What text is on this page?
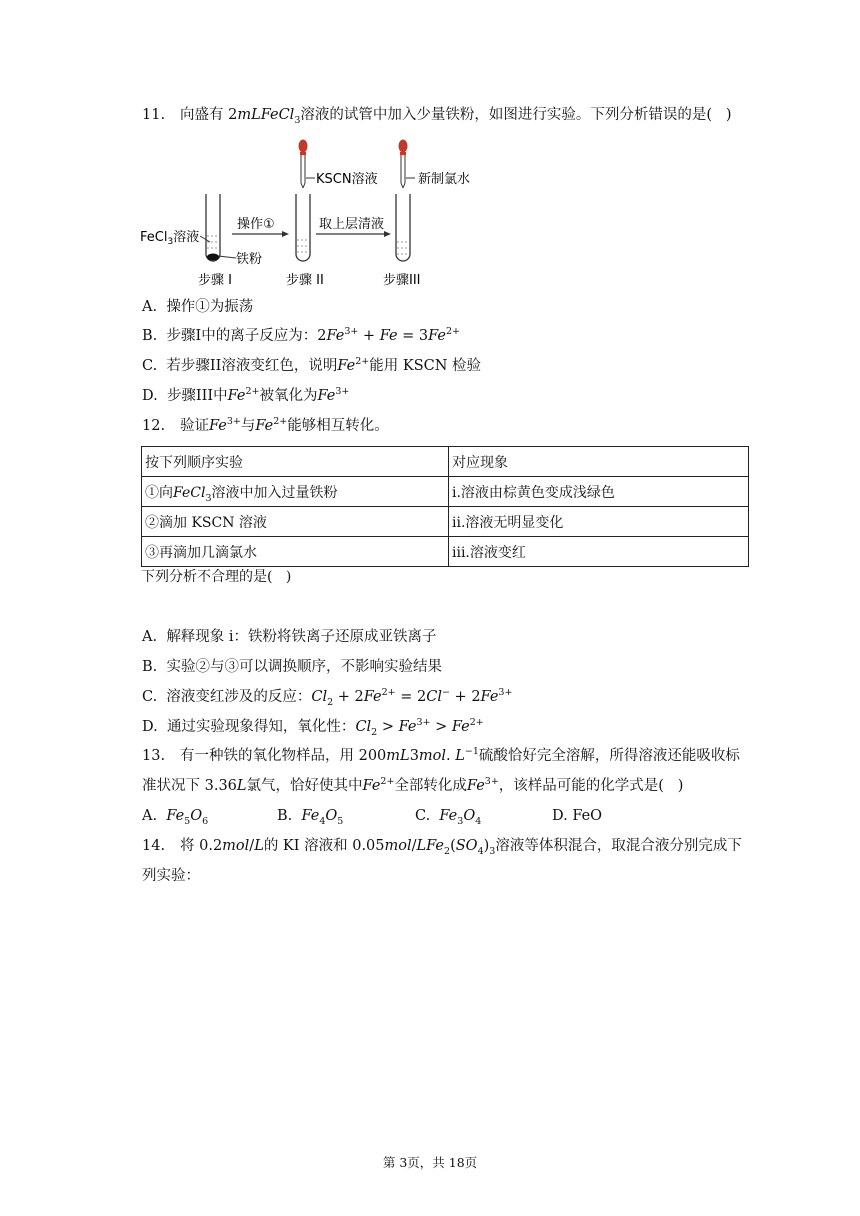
11. 向盛有 2mLFeCl$_3$溶液的试管中加入少量铁粉，如图进行实验。下列分析错误的是( )
KSCN溶液	新制氯水
FeCl$_3$溶液
铁粉
操作①	取上层清液
步骤 I	步骤 II	步骤III
A. 操作①为振荡
B. 步骤I中的离子反应为：$2Fe^{3+} + Fe = 3Fe^{2+}$
C. 若步骤II溶液变红色，说明$Fe^{2+}$能用 KSCN 检验
D. 步骤III中$Fe^{2+}$被氧化为$Fe^{3+}$
12. 验证$Fe^{3+}$与$Fe^{2+}$能够相互转化。
按下列顺序实验	对应现象
①向FeCl$_3$溶液中加入过量铁粉	i.溶液由棕黄色变成浅绿色
②滴加 KSCN 溶液	ii.溶液无明显变化
③再滴加几滴氯水	iii.溶液变红
下列分析不合理的是( )
A. 解释现象 i：铁粉将铁离子还原成亚铁离子
B. 实验②与③可以调换顺序，不影响实验结果
C. 溶液变红涉及的反应：$Cl_2 + 2Fe^{2+} = 2Cl^- + 2Fe^{3+}$
D. 通过实验现象得知，氧化性：$Cl_2 > Fe^{3+} > Fe^{2+}$
13. 有一种铁的氧化物样品，用 200mL3mol. $L^{-1}$硫酸恰好完全溶解，所得溶液还能吸收标
准状况下 3.36L氯气，恰好使其中$Fe^{2+}$全部转化成$Fe^{3+}$，该样品可能的化学式是( )
A. $Fe_5O_6$	B. $Fe_4O_5$	C. $Fe_3O_4$	D. FeO
14. 将 0.2mol/L的 KI 溶液和 $0.05mol/LFe_2(SO_4)_3$溶液等体积混合，取混合液分别完成下
列实验：
第 3页，共 18页
